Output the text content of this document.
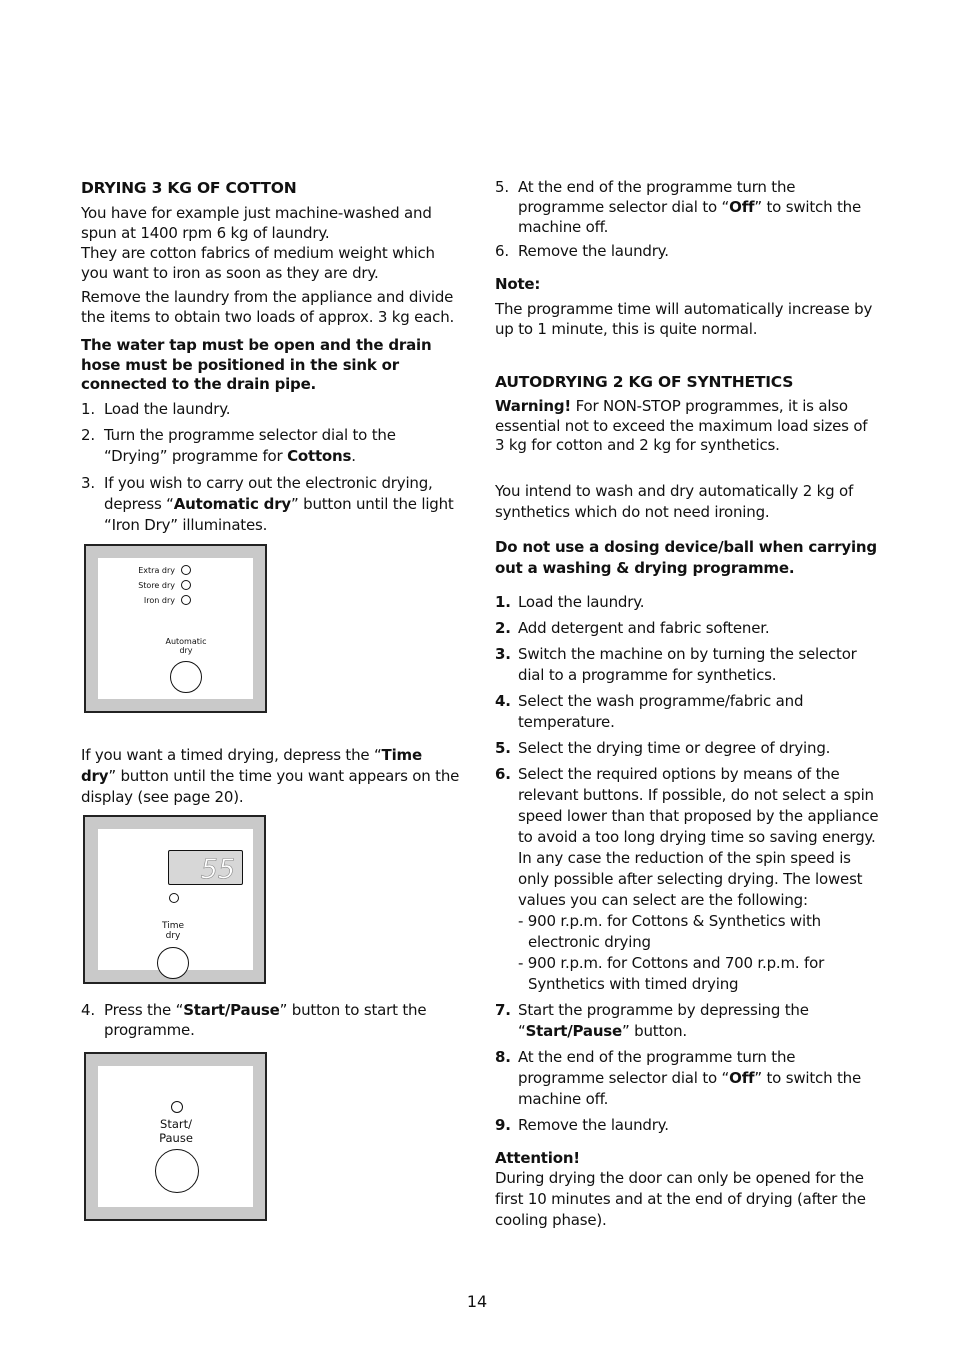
DRYING 3 KG OF COTTON

You have for example just machine-washed and spun at 1400 rpm 6 kg of laundry.

They are cotton fabrics of medium weight which you want to iron as soon as they are dry.

Remove the laundry from the appliance and divide the items to obtain two loads of approx. 3 kg each.

The water tap must be open and the drain hose must be positioned in the sink or connected to the drain pipe.

1. Load the laundry.
2. Turn the programme selector dial to the “Drying” programme for Cottons.
3. If you wish to carry out the electronic drying, depress “Automatic dry” button until the light “Iron Dry” illuminates.
Extra dry
Store dry
Iron dry
Automatic
dry

If you want a timed drying, depress the “Time dry” button until the time you want appears on the display (see page 20).

55
Time
dry
4. Press the “Start/Pause” button to start the programme.
Start/
Pause
5. At the end of the programme turn the programme selector dial to “Off” to switch the machine off.
6. Remove the laundry.

Note:

The programme time will automatically increase by up to 1 minute, this is quite normal.

AUTODRYING 2 KG OF SYNTHETICS

Warning! For NON-STOP programmes, it is also essential not to exceed the maximum load sizes of 3 kg for cotton and 2 kg for synthetics.

You intend to wash and dry automatically 2 kg of synthetics which do not need ironing.

Do not use a dosing device/ball when carrying out a washing & drying programme.

1. Load the laundry.
2. Add detergent and fabric softener.
3. Switch the machine on by turning the selector dial to a programme for synthetics.
4. Select the wash programme/fabric and temperature.
5. Select the drying time or degree of drying.
6. Select the required options by means of the relevant buttons. If possible, do not select a spin speed lower than that proposed by the appliance to avoid a too long drying time so saving energy.
In any case the reduction of the spin speed is only possible after selecting drying. The lowest values you can select are the following:
- 900 r.p.m. for Cottons & Synthetics with electronic drying
- 900 r.p.m. for Cottons and 700 r.p.m. for Synthetics with timed drying
7. Start the programme by depressing the “Start/Pause” button.
8. At the end of the programme turn the programme selector dial to “Off” to switch the machine off.
9. Remove the laundry.

Attention!

During drying the door can only be opened for the first 10 minutes and at the end of drying (after the cooling phase).

14
